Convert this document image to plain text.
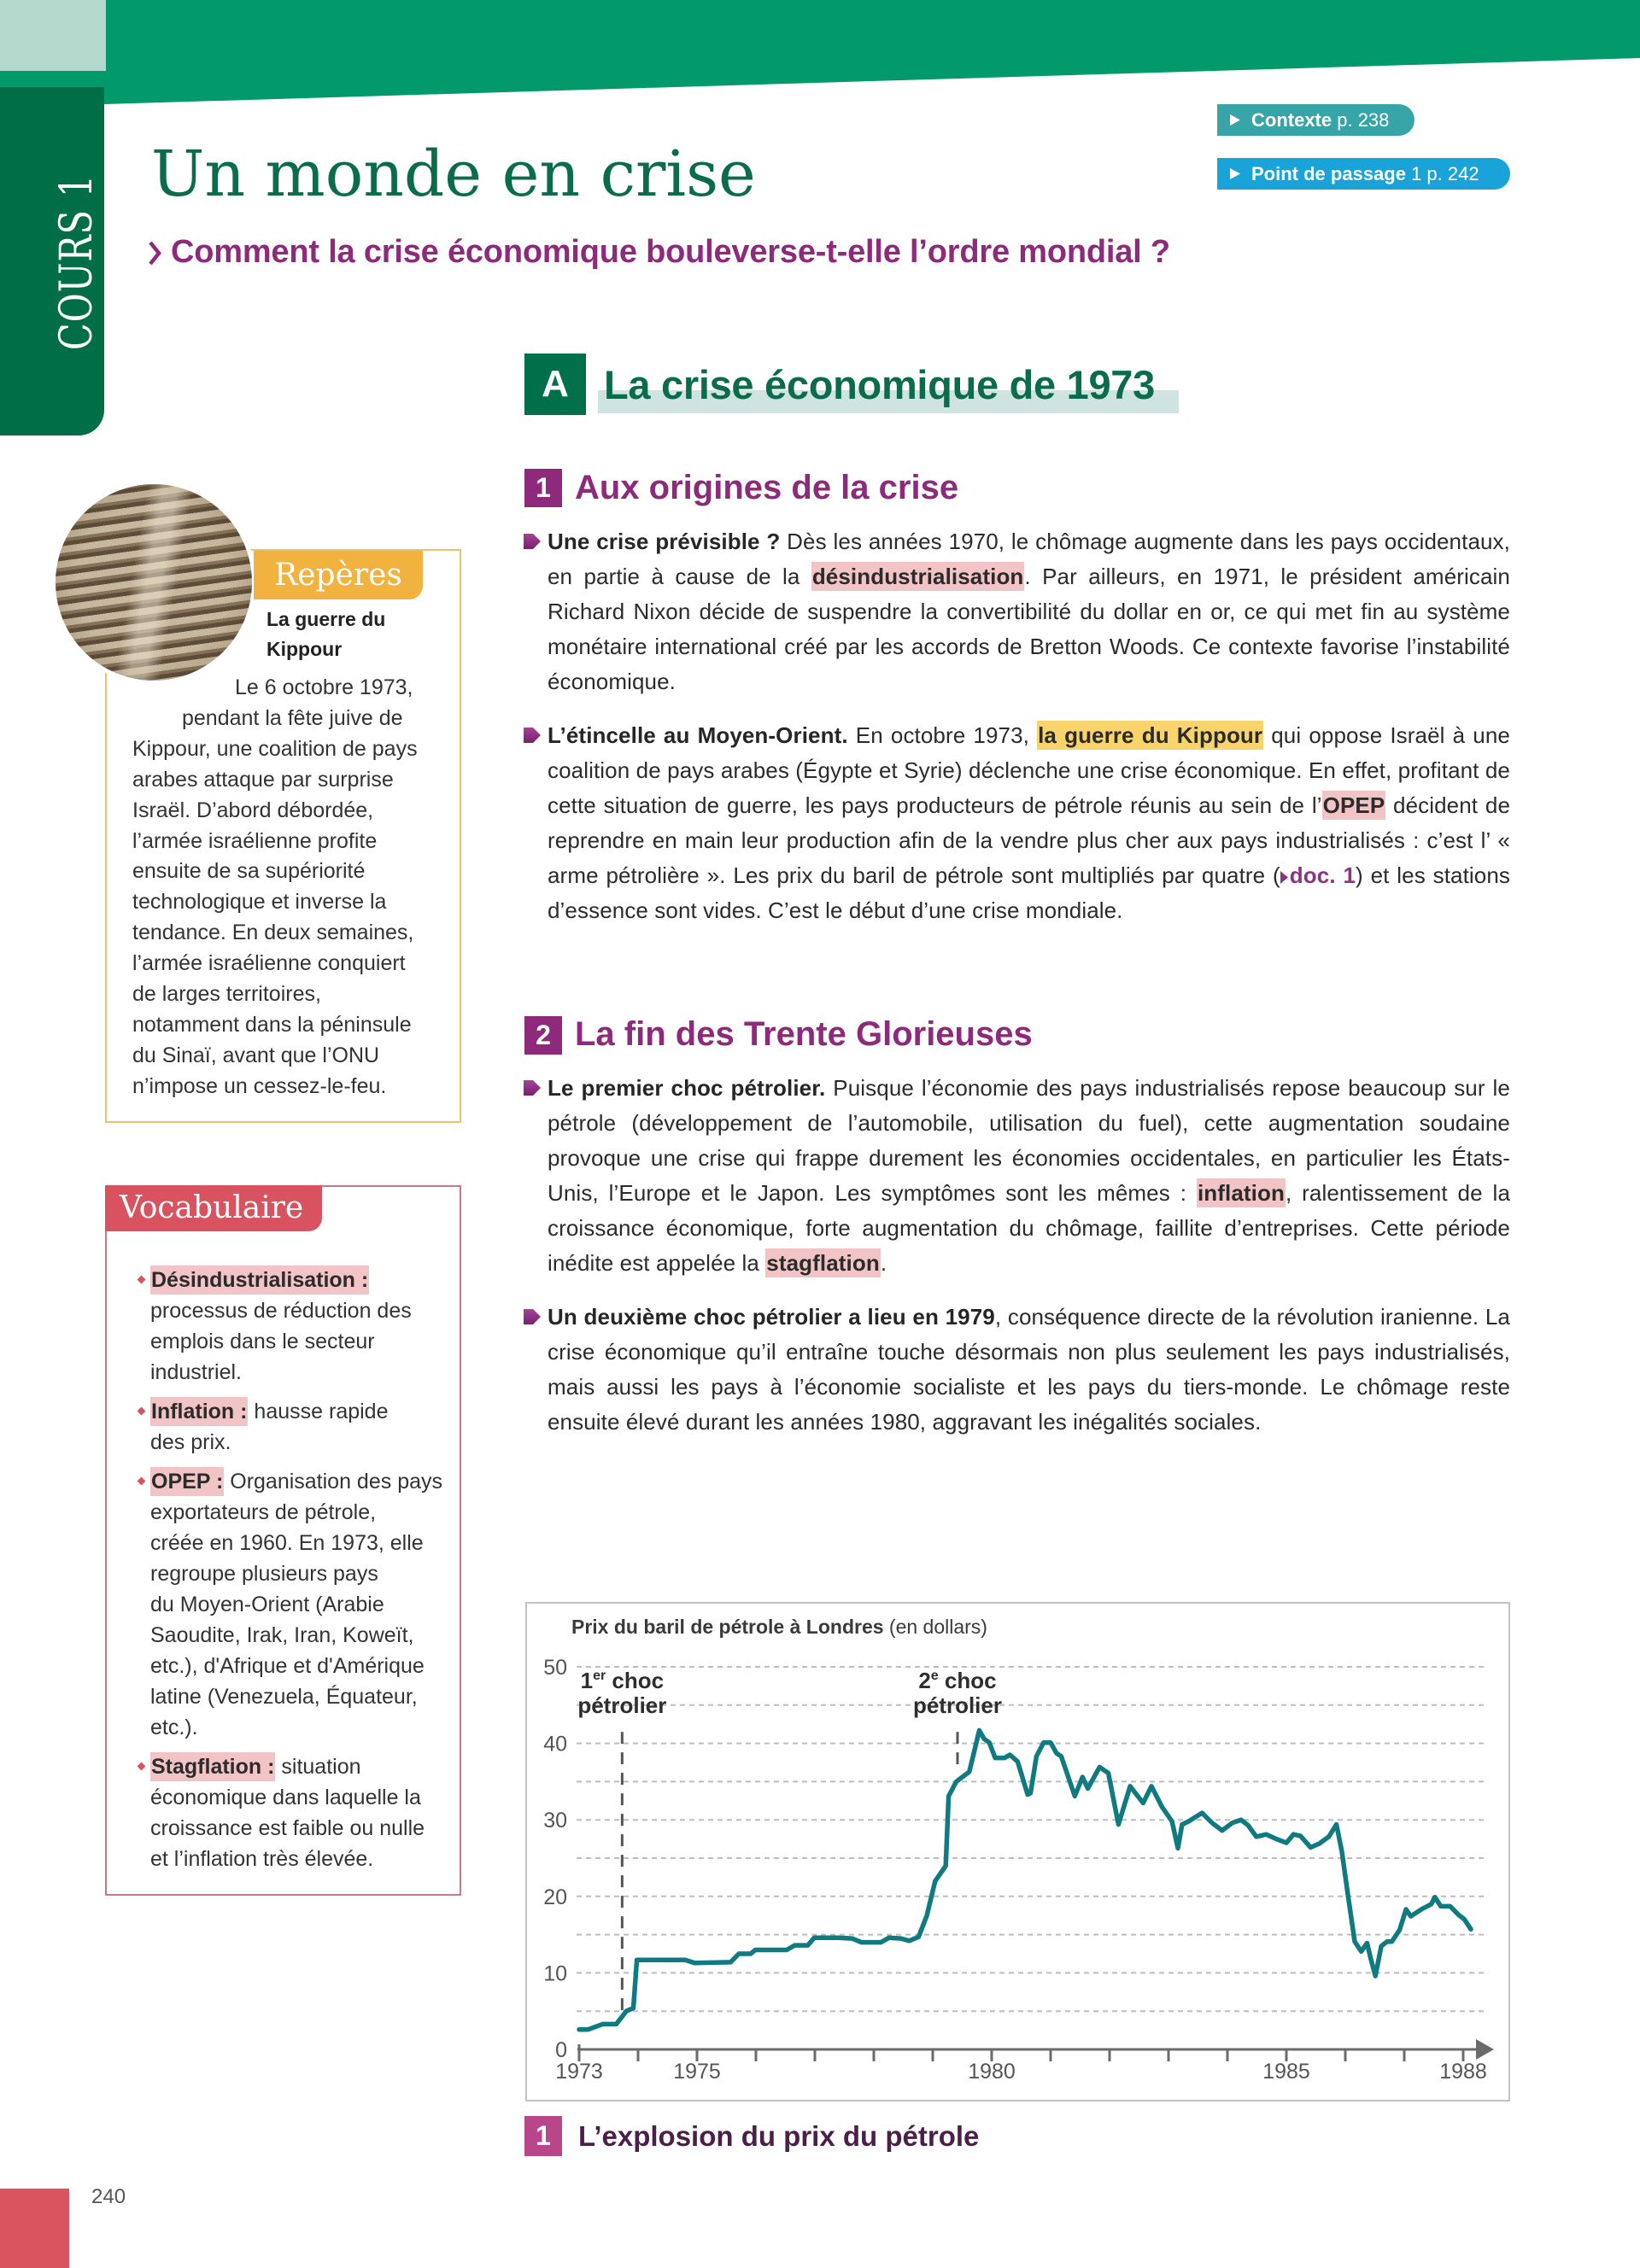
COURS 1 Un monde en crise
Comment la crise économique bouleverse-t-elle l’ordre mondial ?
Contexte p. 238
Point de passage 1 p. 242
A La crise économique de 1973
1 Aux origines de la crise
Une crise prévisible ? Dès les années 1970, le chômage augmente dans les pays occidentaux, en partie à cause de la désindustrialisation. Par ailleurs, en 1971, le président américain Richard Nixon décide de suspendre la convertibilité du dollar en or, ce qui met fin au système monétaire international créé par les accords de Bretton Woods. Ce contexte favorise l’instabilité économique.
L’étincelle au Moyen-Orient. En octobre 1973, la guerre du Kippour qui oppose Israël à une coalition de pays arabes (Égypte et Syrie) déclenche une crise économique. En effet, profitant de cette situation de guerre, les pays producteurs de pétrole réunis au sein de l’OPEP décident de reprendre en main leur production afin de la vendre plus cher aux pays industrialisés : c’est l’ « arme pétrolière ». Les prix du baril de pétrole sont multipliés par quatre ( doc. 1) et les stations d’essence sont vides. C’est le début d’une crise mondiale.
2 La fin des Trente Glorieuses
Le premier choc pétrolier. Puisque l’économie des pays industrialisés repose beaucoup sur le pétrole (développement de l’automobile, utilisation du fuel), cette augmentation soudaine provoque une crise qui frappe durement les économies occidentales, en particulier les États-Unis, l’Europe et le Japon. Les symptômes sont les mêmes : inflation, ralentissement de la croissance économique, forte augmentation du chômage, faillite d’entreprises. Cette période inédite est appelée la stagflation.
Un deuxième choc pétrolier a lieu en 1979, conséquence directe de la révolution iranienne. La crise économique qu’il entraîne touche désormais non plus seulement les pays industrialisés, mais aussi les pays à l’économie socialiste et les pays du tiers-monde. Le chômage reste ensuite élevé durant les années 1980, aggravant les inégalités sociales.
Repères
La guerre du
Kippour
Le 6 octobre 1973,
pendant la fête juive de
Kippour, une coalition de pays
arabes attaque par surprise
Israël. D’abord débordée,
l’armée israélienne profite
ensuite de sa supériorité
technologique et inverse la
tendance. En deux semaines,
l’armée israélienne conquiert
de larges territoires,
notamment dans la péninsule
du Sinaï, avant que l’ONU
n’impose un cessez-le-feu.
Vocabulaire
Désindustrialisation :
processus de réduction des
emplois dans le secteur
industriel.
Inflation : hausse rapide
des prix.
OPEP : Organisation des pays
exportateurs de pétrole,
créée en 1960. En 1973, elle
regroupe plusieurs pays
du Moyen-Orient (Arabie
Saoudite, Irak, Iran, Koweït,
etc.), d'Afrique et d'Amérique
latine (Venezuela, Équateur,
etc.).
Stagflation : situation
économique dans laquelle la
croissance est faible ou nulle
et l’inflation très élevée.
Prix du baril de pétrole à Londres (en dollars)
0
10
20
30
40
50
1973	1975	1980	1985	1988
1er choc
pétrolier
2e choc
pétrolier
1 L’explosion du prix du pétrole
240
